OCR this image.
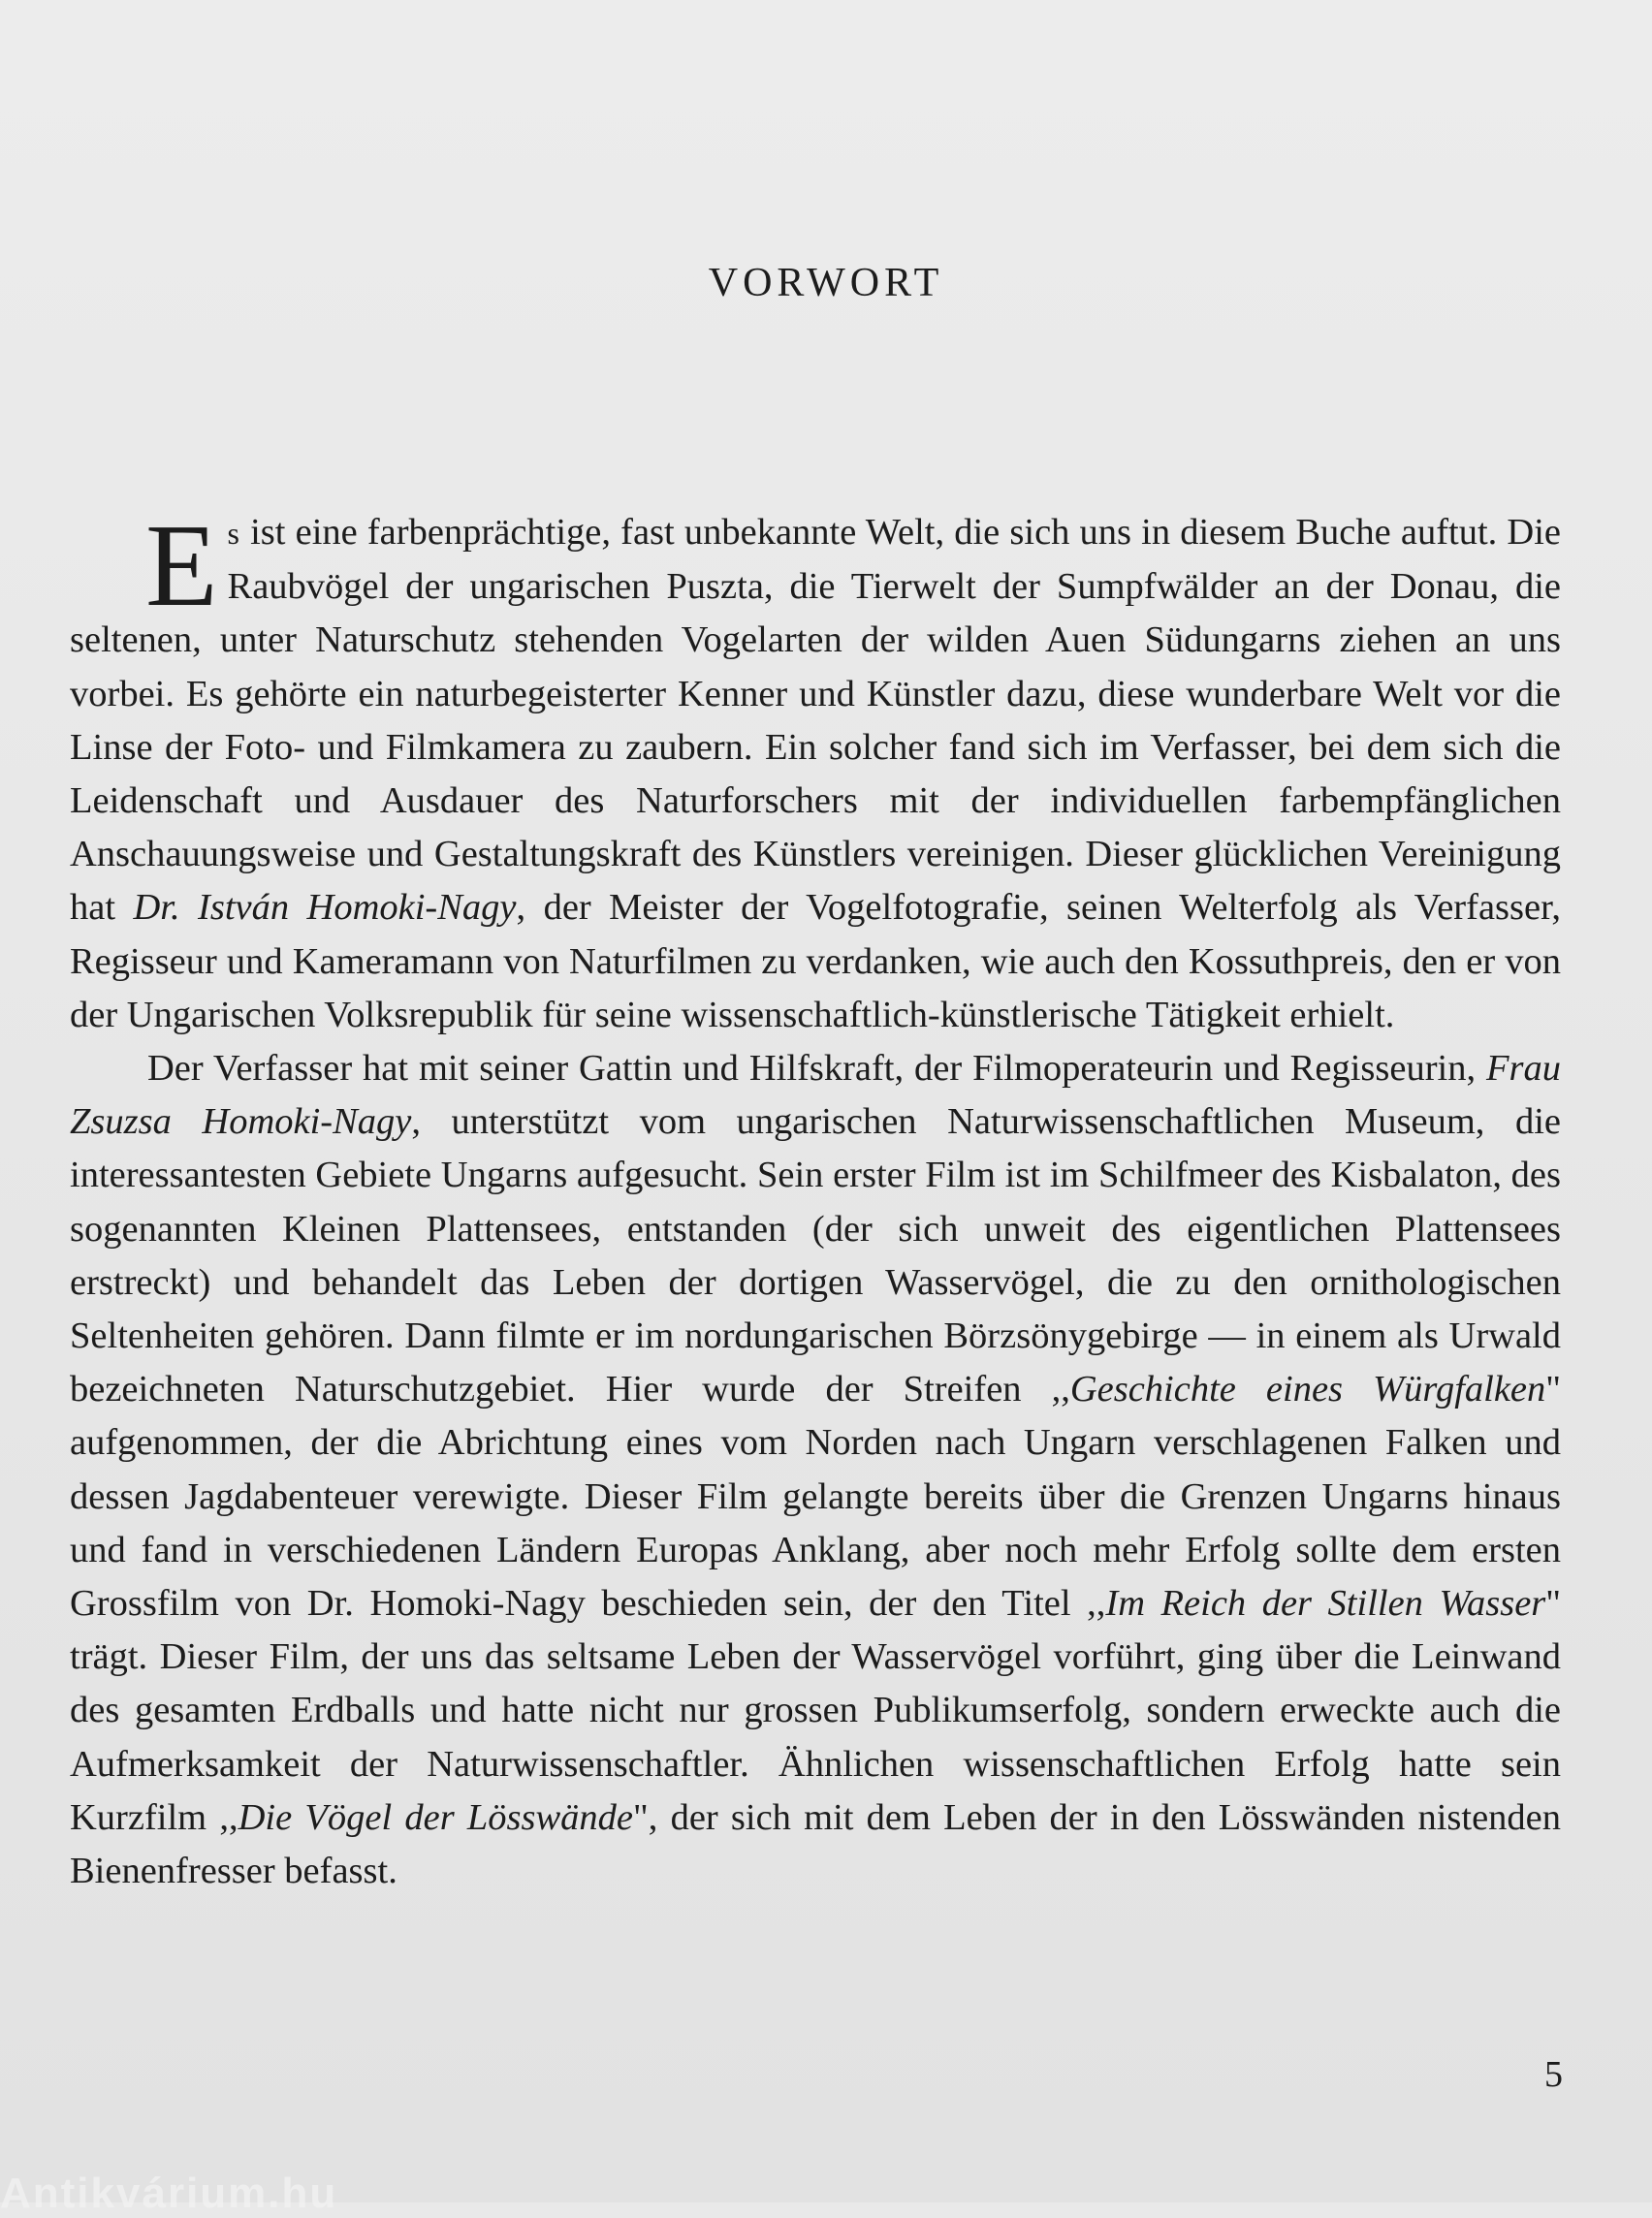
VORWORT

Es ist eine farbenprächtige, fast unbekannte Welt, die sich uns in diesem Buche auftut. Die Raubvögel der ungarischen Puszta, die Tierwelt der Sumpfwälder an der Donau, die seltenen, unter Naturschutz stehenden Vogelarten der wilden Auen Südungarns ziehen an uns vorbei. Es gehörte ein naturbegeisterter Kenner und Künstler dazu, diese wunderbare Welt vor die Linse der Foto- und Filmkamera zu zaubern. Ein solcher fand sich im Verfasser, bei dem sich die Leidenschaft und Ausdauer des Naturforschers mit der individuellen farbempfänglichen Anschauungsweise und Gestaltungskraft des Künstlers vereinigen. Dieser glücklichen Vereinigung hat Dr. István Homoki-Nagy, der Meister der Vogelfotografie, seinen Welterfolg als Verfasser, Regisseur und Kameramann von Naturfilmen zu verdanken, wie auch den Kossuthpreis, den er von der Ungarischen Volksrepublik für seine wissenschaftlich-künstlerische Tätigkeit erhielt.

Der Verfasser hat mit seiner Gattin und Hilfskraft, der Filmoperateurin und Regisseurin, Frau Zsuzsa Homoki-Nagy, unterstützt vom ungarischen Naturwissenschaftlichen Museum, die interessantesten Gebiete Ungarns aufgesucht. Sein erster Film ist im Schilfmeer des Kisbalaton, des sogenannten Kleinen Plattensees, entstanden (der sich unweit des eigentlichen Plattensees erstreckt) und behandelt das Leben der dortigen Wasservögel, die zu den ornithologischen Seltenheiten gehören. Dann filmte er im nordungarischen Börzsönygebirge — in einem als Urwald bezeichneten Naturschutzgebiet. Hier wurde der Streifen ,,Geschichte eines Würgfalken" aufgenommen, der die Abrichtung eines vom Norden nach Ungarn verschlagenen Falken und dessen Jagdabenteuer verewigte. Dieser Film gelangte bereits über die Grenzen Ungarns hinaus und fand in verschiedenen Ländern Europas Anklang, aber noch mehr Erfolg sollte dem ersten Grossfilm von Dr. Homoki-Nagy beschieden sein, der den Titel ,,Im Reich der Stillen Wasser" trägt. Dieser Film, der uns das seltsame Leben der Wasservögel vorführt, ging über die Leinwand des gesamten Erdballs und hatte nicht nur grossen Publikumserfolg, sondern erweckte auch die Aufmerksamkeit der Naturwissenschaftler. Ähnlichen wissenschaftlichen Erfolg hatte sein Kurzfilm ,,Die Vögel der Lösswände", der sich mit dem Leben der in den Lösswänden nistenden Bienenfresser befasst.

5
Antikvárium.hu
